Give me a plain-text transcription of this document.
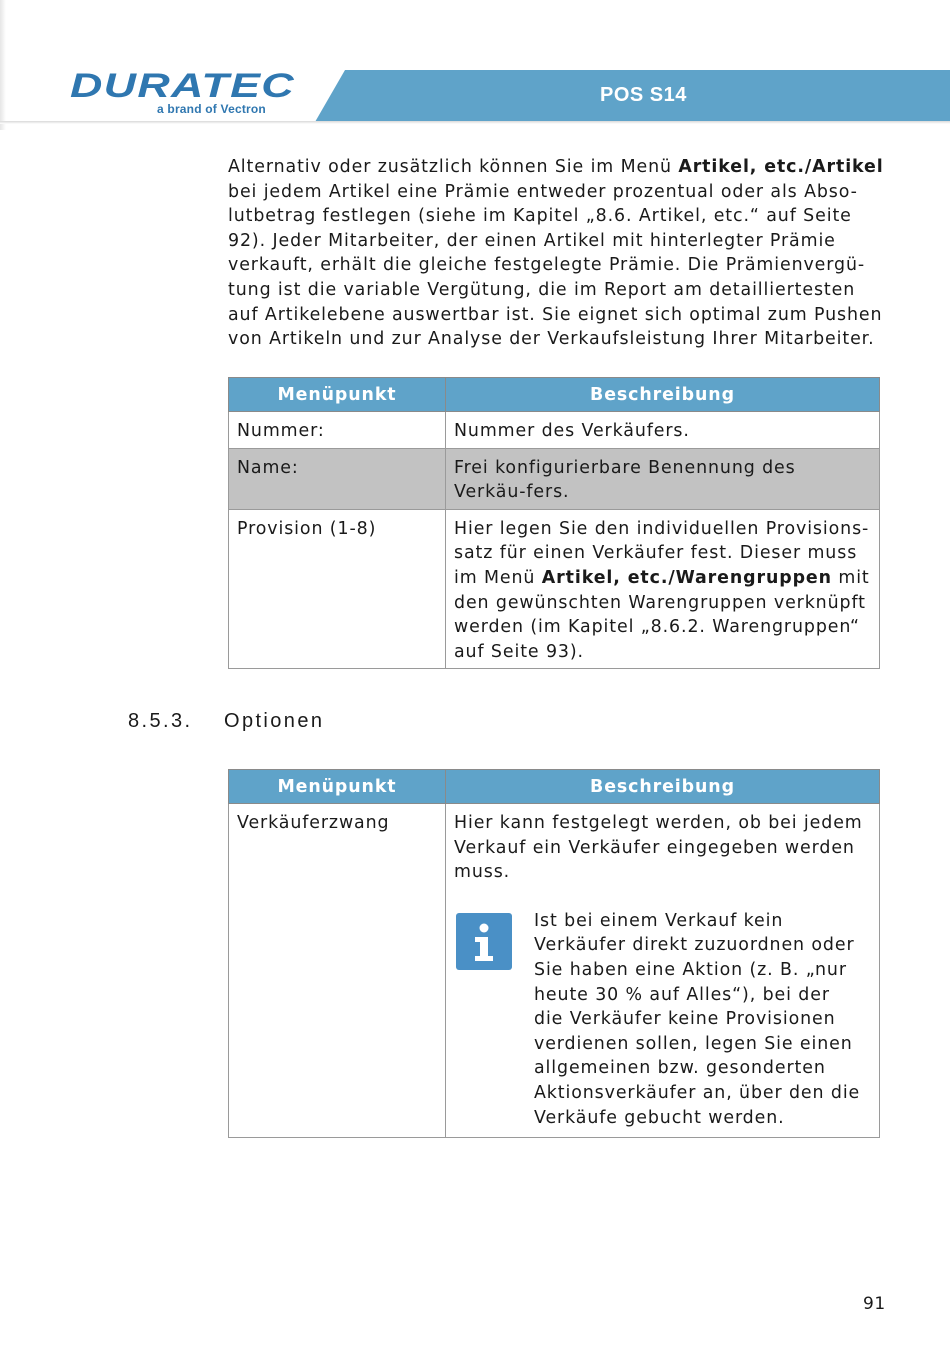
DURATEC
a brand of Vectron
POS S14

Alternativ oder zusätzlich können Sie im Menü Artikel, etc./Artikel bei jedem Artikel eine Prämie entweder prozentual oder als Abso-lutbetrag festlegen (siehe im Kapitel „8.6. Artikel, etc.“ auf Seite 92). Jeder Mitarbeiter, der einen Artikel mit hinterlegter Prämie verkauft, erhält die gleiche festgelegte Prämie. Die Prämienvergü-tung ist die variable Vergütung, die im Report am detailliertesten auf Artikelebene auswertbar ist. Sie eignet sich optimal zum Pushen von Artikeln und zur Analyse der Verkaufsleistung Ihrer Mitarbeiter.

Menüpunkt	Beschreibung
Nummer:	Nummer des Verkäufers.
Name:	Frei konfigurierbare Benennung des Verkäu-fers.
Provision (1-8)	Hier legen Sie den individuellen Provisions-satz für einen Verkäufer fest. Dieser muss im Menü Artikel, etc./Warengruppen mit den gewünschten Warengruppen verknüpft werden (im Kapitel „8.6.2. Warengruppen“ auf Seite 93).
8.5.3. Optionen
Menüpunkt	Beschreibung
Verkäuferzwang	Hier kann festgelegt werden, ob bei jedem Verkauf ein Verkäufer eingegeben werden muss.
Ist bei einem Verkauf kein Verkäufer direkt zuzuordnen oder Sie haben eine Aktion (z. B. „nur heute 30 % auf Alles“), bei der die Verkäufer keine Provisionen verdienen sollen, legen Sie einen allgemeinen bzw. gesonderten Aktionsverkäufer an, über den die Verkäufe gebucht werden.
91
